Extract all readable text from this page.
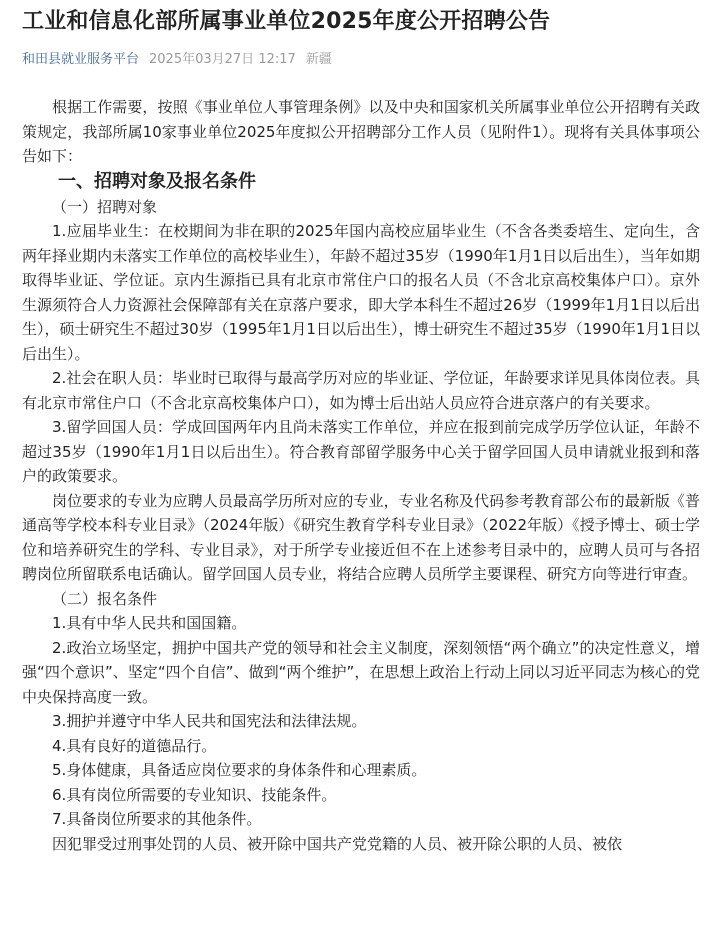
工业和信息化部所属事业单位2025年度公开招聘公告
和田县就业服务平台 2025年03月27日 12:17 新疆

根据工作需要，按照《事业单位人事管理条例》以及中央和国家机关所属事业单位公开招聘有关政策规定，我部所属10家事业单位2025年度拟公开招聘部分工作人员（见附件1）。现将有关具体事项公告如下：

一、招聘对象及报名条件

（一）招聘对象

1.应届毕业生：在校期间为非在职的2025年国内高校应届毕业生（不含各类委培生、定向生，含两年择业期内未落实工作单位的高校毕业生），年龄不超过35岁（1990年1月1日以后出生），当年如期取得毕业证、学位证。京内生源指已具有北京市常住户口的报名人员（不含北京高校集体户口）。京外生源须符合人力资源社会保障部有关在京落户要求，即大学本科生不超过26岁（1999年1月1日以后出生），硕士研究生不超过30岁（1995年1月1日以后出生），博士研究生不超过35岁（1990年1月1日以后出生）。

2.社会在职人员：毕业时已取得与最高学历对应的毕业证、学位证，年龄要求详见具体岗位表。具有北京市常住户口（不含北京高校集体户口），如为博士后出站人员应符合进京落户的有关要求。

3.留学回国人员：学成回国两年内且尚未落实工作单位，并应在报到前完成学历学位认证，年龄不超过35岁（1990年1月1日以后出生）。符合教育部留学服务中心关于留学回国人员申请就业报到和落户的政策要求。

岗位要求的专业为应聘人员最高学历所对应的专业，专业名称及代码参考教育部公布的最新版《普通高等学校本科专业目录》（2024年版）《研究生教育学科专业目录》（2022年版）《授予博士、硕士学位和培养研究生的学科、专业目录》，对于所学专业接近但不在上述参考目录中的，应聘人员可与各招聘岗位所留联系电话确认。留学回国人员专业，将结合应聘人员所学主要课程、研究方向等进行审查。

（二）报名条件

1.具有中华人民共和国国籍。

2.政治立场坚定，拥护中国共产党的领导和社会主义制度，深刻领悟“两个确立”的决定性意义，增强“四个意识”、坚定“四个自信”、做到“两个维护”，在思想上政治上行动上同以习近平同志为核心的党中央保持高度一致。

3.拥护并遵守中华人民共和国宪法和法律法规。

4.具有良好的道德品行。

5.身体健康，具备适应岗位要求的身体条件和心理素质。

6.具有岗位所需要的专业知识、技能条件。

7.具备岗位所要求的其他条件。

因犯罪受过刑事处罚的人员、被开除中国共产党党籍的人员、被开除公职的人员、被依
